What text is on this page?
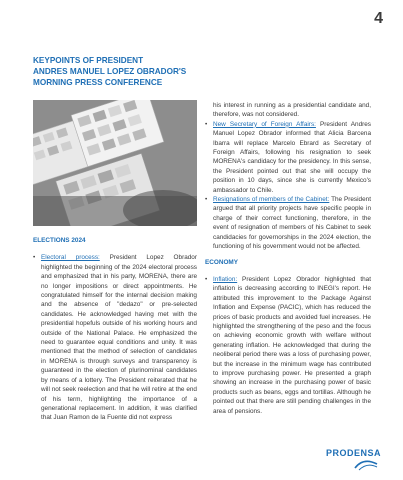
4
KEYPOINTS OF PRESIDENT
ANDRES MANUEL LOPEZ OBRADOR'S
MORNING PRESS CONFERENCE

ELECTIONS 2024

• Electoral process: President Lopez Obrador highlighted the beginning of the 2024 electoral process and emphasized that in his party, MORENA, there are no longer impositions or direct appointments. He congratulated himself for the internal decision making and the absence of "dedazo" or pre-selected candidates. He acknowledged having met with the presidential hopefuls outside of his working hours and outside of the National Palace. He emphasized the need to guarantee equal conditions and unity. It was mentioned that the method of selection of candidates in MORENA is through surveys and transparency is guaranteed in the election of plurinominal candidates by means of a lottery. The President reiterated that he will not seek reelection and that he will retire at the end of his term, highlighting the importance of a generational replacement. In addition, it was clarified that Juan Ramon de la Fuente did not express

his interest in running as a presidential candidate and, therefore, was not considered.

• New Secretary of Foreign Affairs: President Andres Manuel Lopez Obrador informed that Alicia Barcena Ibarra will replace Marcelo Ebrard as Secretary of Foreign Affairs, following his resignation to seek MORENA's candidacy for the presidency. In this sense, the President pointed out that she will occupy the position in 10 days, since she is currently Mexico's ambassador to Chile.

• Resignations of members of the Cabinet: The President argued that all priority projects have specific people in charge of their correct functioning, therefore, in the event of resignation of members of his Cabinet to seek candidacies for governorships in the 2024 election, the functioning of his government would not be affected.

ECONOMY

• Inflation: President Lopez Obrador highlighted that inflation is decreasing according to INEGI's report. He attributed this improvement to the Package Against Inflation and Expense (PACIC), which has reduced the prices of basic products and avoided fuel increases. He highlighted the strengthening of the peso and the focus on achieving economic growth with welfare without generating inflation. He acknowledged that during the neoliberal period there was a loss of purchasing power, but the increase in the minimum wage has contributed to improve purchasing power. He presented a graph showing an increase in the purchasing power of basic products such as beans, eggs and tortillas. Although he pointed out that there are still pending challenges in the area of pensions.

PRODENSA
